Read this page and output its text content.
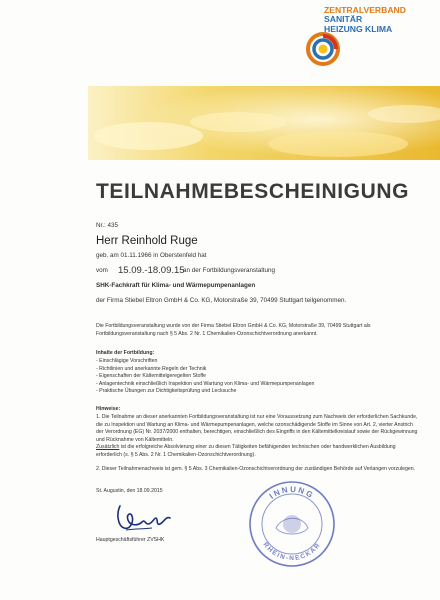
ZENTRALVERBAND
SANITÄR
HEIZUNG KLIMA
TEILNAHMEBESCHEINIGUNG
Nr.: 435
Herr Reinhold Ruge
geb. am 01.11.1966 in Oberstenfeld hat
vom 15.09.-18.09.15
an der Fortbildungsveranstaltung
SHK-Fachkraft für Klima- und Wärmepumpenanlagen
der Firma Stiebel Eltron GmbH & Co. KG, Motorstraße 39, 70499 Stuttgart teilgenommen.
Die Fortbildungsveranstaltung wurde von der Firma Stiebel Eltron GmbH & Co. KG, Motorstraße 39, 70499 Stuttgart als Fortbildungsveranstaltung nach § 5 Abs. 2 Nr. 1 Chemikalien-Ozonschichtverordnung anerkannt.
Inhalte der Fortbildung:
- Einschlägige Vorschriften
- Richtlinien und anerkannte Regeln der Technik
- Eigenschaften der Kältemittelgeregelten Stoffe
- Anlagentechnik einschließlich Inspektion und Wartung von Klima- und Wärmepumpenanlagen
- Praktische Übungen zur Dichtigkeitsprüfung und Lecksuche
Hinweise:
1. Die Teilnahme an dieser anerkannten Fortbildungsveranstaltung ist nur eine Voraussetzung zum Nachweis der erforderlichen Sachkunde, die zu Inspektion und Wartung an Klima- und Wärmepumpenanlagen, welche ozonschädigende Stoffe im Sinne von Art. 2, vierter Anstrich der Verordnung (EG) Nr. 2037/2000 enthalten, berechtigen, einschließlich des Eingriffs in den Kältemittelkreislauf sowie der Rückgewinnung und Rücknahme von Kältemitteln.
Zusätzlich ist die erfolgreiche Absolvierung einer zu diesen Tätigkeiten befähigenden technischen oder handwerklichen Ausbildung erforderlich (s. § 5 Abs. 2 Nr. 1 Chemikalien-Ozonschichtverordnung).
2. Dieser Teilnahmenachweis ist gem. § 5 Abs. 3 Chemikalien-Ozonschichtverordnung der zuständigen Behörde auf Verlangen vorzulegen.
St. Augustin, den 18.09.2015
Hauptgeschäftsführer ZVSHK
INNUNG
RHEIN-NECKAR
